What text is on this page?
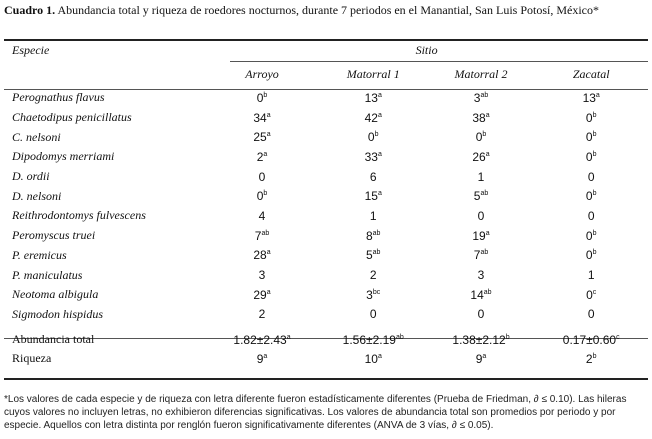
Cuadro 1. Abundancia total y riqueza de roedores nocturnos, durante 7 periodos en el Manantial, San Luis Potosí, México*
Especie	Sitio			
	Arroyo	Matorral 1	Matorral 2	Zacatal
Perognathus flavus	0$^b$	13$^a$	$3^{ab}$	13$^a$
Chaetodipus penicillatus	34$^a$	42$^a$	38$^a$	0$^b$
C. nelsoni	25$^a$	0$^b$	0$^b$	0$^b$
Dipodomys merriami	2$^a$	33$^a$	26$^a$	0$^b$
D. ordii	0	6	1	0
D. nelsoni	0$^b$	15$^a$	$5^{ab}$	0$^b$
Reithrodontomys fulvescens	4	1	0	0
Peromyscus truei	$7^{ab}$	$8^{ab}$	19$^a$	0$^b$
P. eremicus	28$^a$	$5^{ab}$	$7^{ab}$	0$^b$
P. maniculatus	3	2	3	1
Neotoma albigula	29$^a$	$3^{bc}$	$14^{ab}$	0$^c$
Sigmodon hispidus	2	0	0	0

Abundancia total	1.82±2.43$^a$	1.56±2.19$^{ab}$	1.38±2.12$^b$	0.17±0.60$^c$
Riqueza	9$^a$	10$^a$	9$^a$	2$^b$
*Los valores de cada especie y de riqueza con letra diferente fueron estadísticamente diferentes (Prueba de Friedman, ∂ ≤ 0.10). Las hileras cuyos valores no incluyen letras, no exhibieron diferencias significativas. Los valores de abundancia total son promedios por periodo y por especie. Aquellos con letra distinta por renglón fueron significativamente diferentes (ANVA de 3 vías, ∂ ≤ 0.05).
